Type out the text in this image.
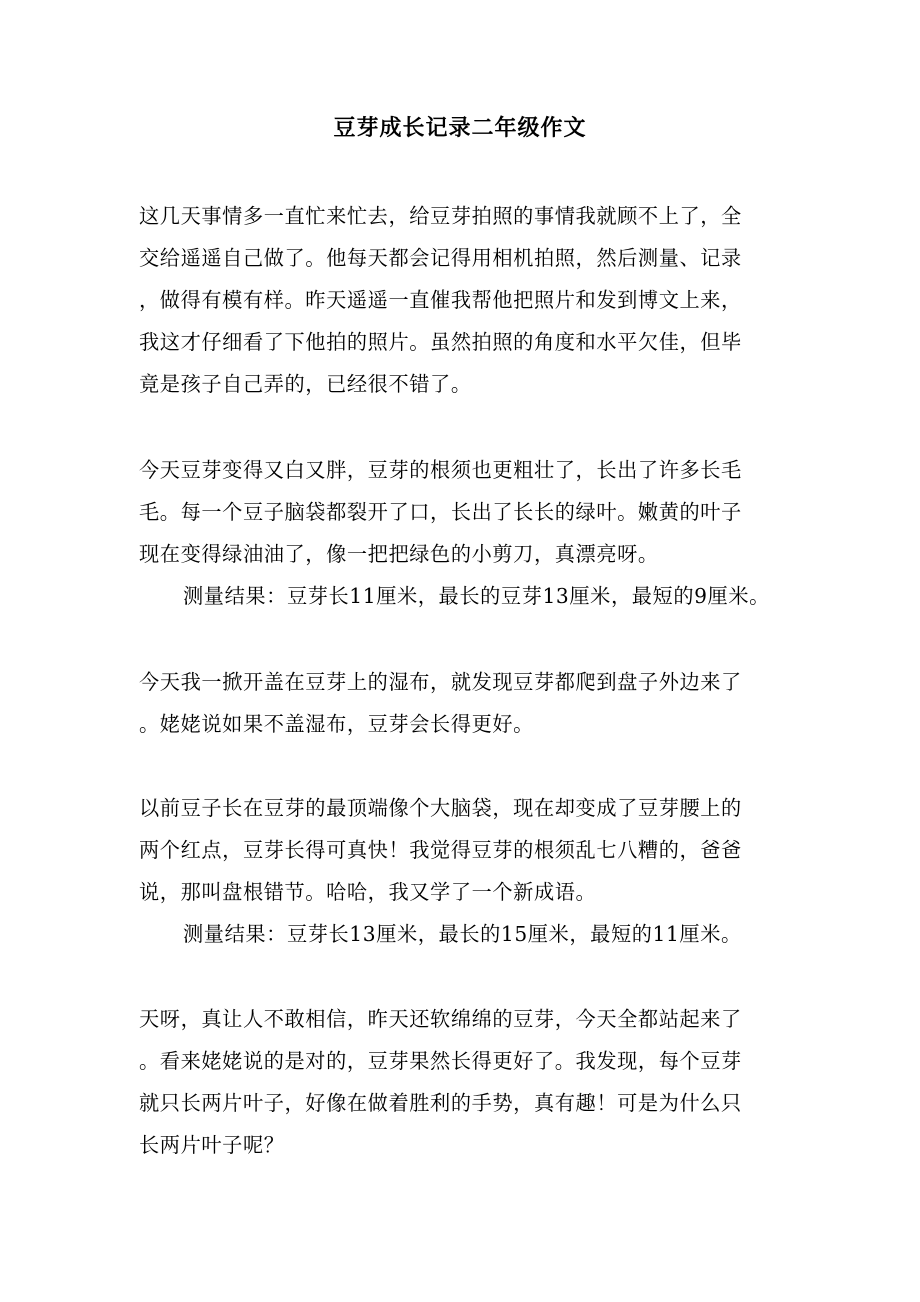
豆芽成长记录二年级作文
这几天事情多一直忙来忙去，给豆芽拍照的事情我就顾不上了，全
交给遥遥自己做了。他每天都会记得用相机拍照，然后测量、记录
，做得有模有样。昨天遥遥一直催我帮他把照片和发到博文上来，
我这才仔细看了下他拍的照片。虽然拍照的角度和水平欠佳，但毕
竟是孩子自己弄的，已经很不错了。
今天豆芽变得又白又胖，豆芽的根须也更粗壮了，长出了许多长毛
毛。每一个豆子脑袋都裂开了口，长出了长长的绿叶。嫩黄的叶子
现在变得绿油油了，像一把把绿色的小剪刀，真漂亮呀。
测量结果：豆芽长11厘米，最长的豆芽13厘米，最短的9厘米。
今天我一掀开盖在豆芽上的湿布，就发现豆芽都爬到盘子外边来了
。姥姥说如果不盖湿布，豆芽会长得更好。
以前豆子长在豆芽的最顶端像个大脑袋，现在却变成了豆芽腰上的
两个红点，豆芽长得可真快！我觉得豆芽的根须乱七八糟的，爸爸
说，那叫盘根错节。哈哈，我又学了一个新成语。
测量结果：豆芽长13厘米，最长的15厘米，最短的11厘米。
天呀，真让人不敢相信，昨天还软绵绵的豆芽，今天全都站起来了
。看来姥姥说的是对的，豆芽果然长得更好了。我发现，每个豆芽
就只长两片叶子，好像在做着胜利的手势，真有趣！可是为什么只
长两片叶子呢？
